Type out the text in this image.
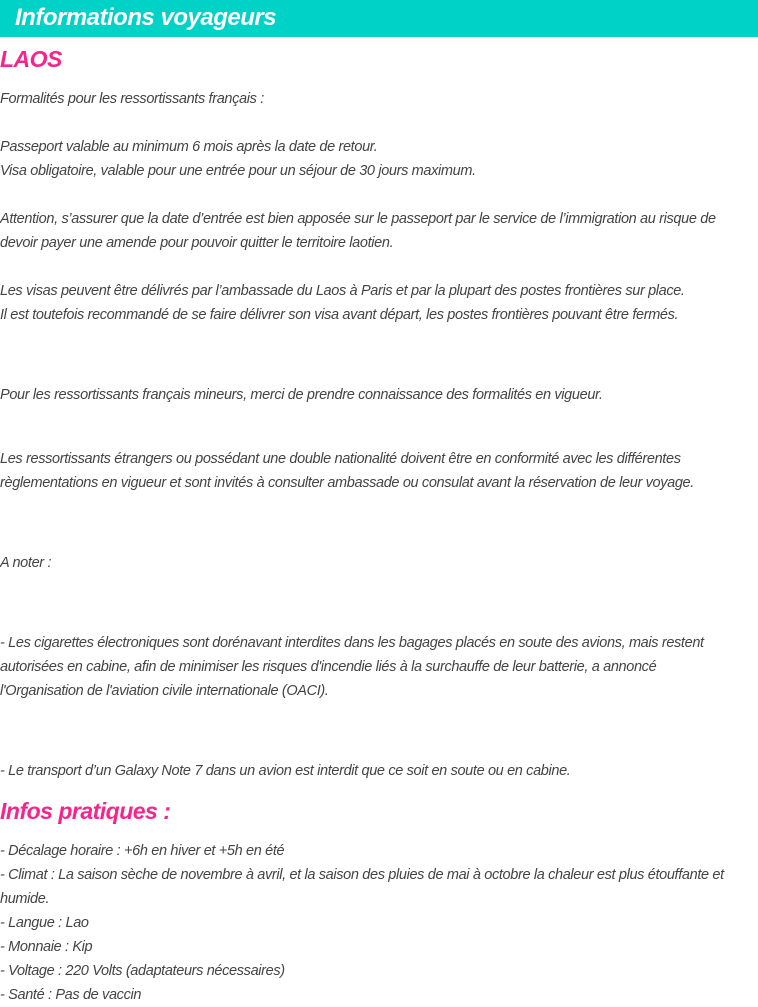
Informations voyageurs
LAOS
Formalités pour les ressortissants français :
Passeport valable au minimum 6 mois après la date de retour.
Visa obligatoire, valable pour une entrée pour un séjour de 30 jours maximum.
Attention, s’assurer que la date d’entrée est bien apposée sur le passeport par le service de l’immigration au risque de
devoir payer une amende pour pouvoir quitter le territoire laotien.
Les visas peuvent être délivrés par l’ambassade du Laos à Paris et par la plupart des postes frontières sur place.
Il est toutefois recommandé de se faire délivrer son visa avant départ, les postes frontières pouvant être fermés.
Pour les ressortissants français mineurs, merci de prendre connaissance des formalités en vigueur.
Les ressortissants étrangers ou possédant une double nationalité doivent être en conformité avec les différentes
règlementations en vigueur et sont invités à consulter ambassade ou consulat avant la réservation de leur voyage.
A noter :
- Les cigarettes électroniques sont dorénavant interdites dans les bagages placés en soute des avions, mais restent
autorisées en cabine, afin de minimiser les risques d'incendie liés à la surchauffe de leur batterie, a annoncé
l'Organisation de l'aviation civile internationale (OACI).
- Le transport d’un Galaxy Note 7 dans un avion est interdit que ce soit en soute ou en cabine.
Infos pratiques :
- Décalage horaire : +6h en hiver et +5h en été
- Climat : La saison sèche de novembre à avril, et la saison des pluies de mai à octobre la chaleur est plus étouffante et
humide.
- Langue : Lao
- Monnaie : Kip
- Voltage : 220 Volts (adaptateurs nécessaires)
- Santé : Pas de vaccin
